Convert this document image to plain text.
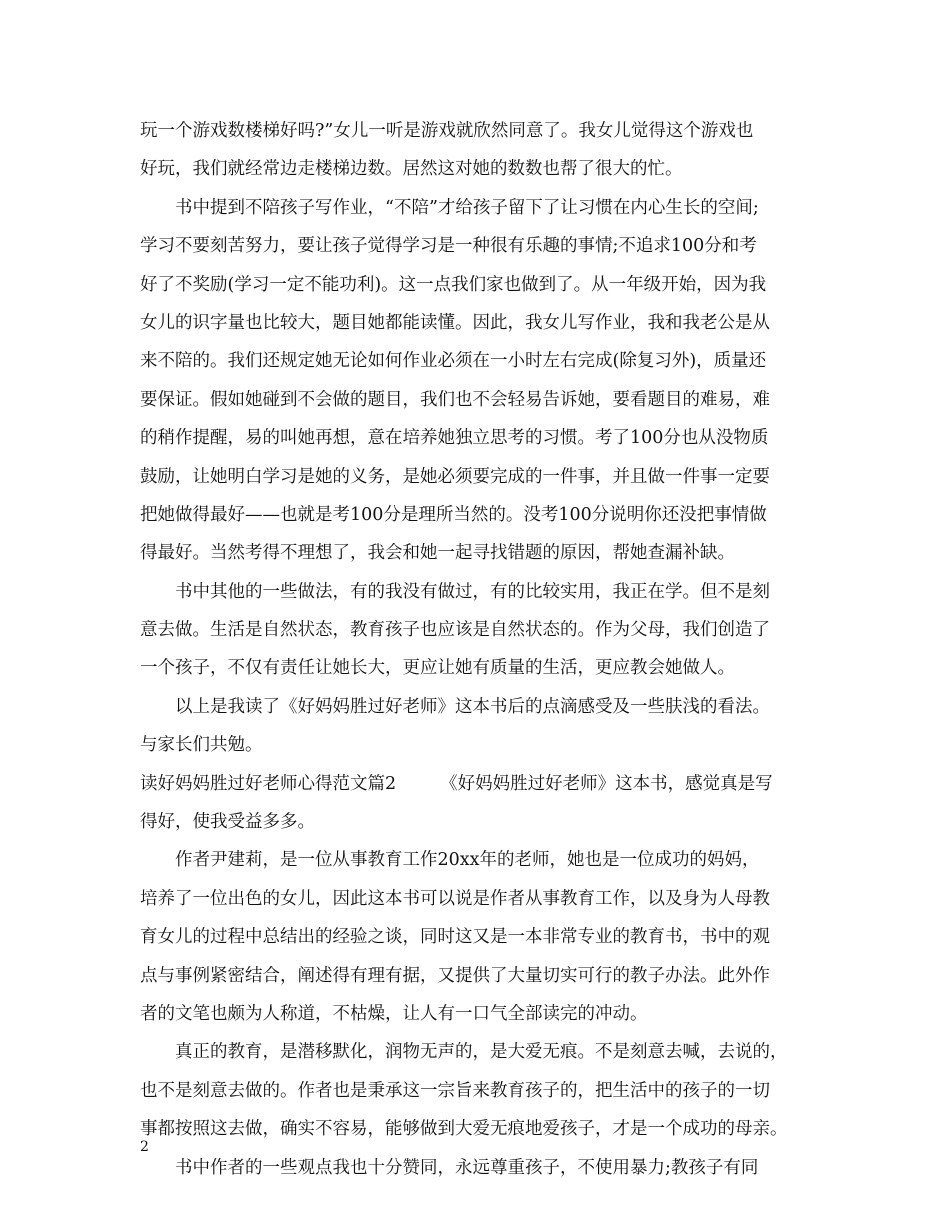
玩一个游戏数楼梯好吗?”女儿一听是游戏就欣然同意了。我女儿觉得这个游戏也
好玩，我们就经常边走楼梯边数。居然这对她的数数也帮了很大的忙。
书中提到不陪孩子写作业，“不陪”才给孩子留下了让习惯在内心生长的空间;
学习不要刻苦努力，要让孩子觉得学习是一种很有乐趣的事情;不追求100分和考
好了不奖励(学习一定不能功利)。这一点我们家也做到了。从一年级开始，因为我
女儿的识字量也比较大，题目她都能读懂。因此，我女儿写作业，我和我老公是从
来不陪的。我们还规定她无论如何作业必须在一小时左右完成(除复习外)，质量还
要保证。假如她碰到不会做的题目，我们也不会轻易告诉她，要看题目的难易，难
的稍作提醒，易的叫她再想，意在培养她独立思考的习惯。考了100分也从没物质
鼓励，让她明白学习是她的义务，是她必须要完成的一件事，并且做一件事一定要
把她做得最好——也就是考100分是理所当然的。没考100分说明你还没把事情做
得最好。当然考得不理想了，我会和她一起寻找错题的原因，帮她查漏补缺。
书中其他的一些做法，有的我没有做过，有的比较实用，我正在学。但不是刻
意去做。生活是自然状态，教育孩子也应该是自然状态的。作为父母，我们创造了
一个孩子，不仅有责任让她长大，更应让她有质量的生活，更应教会她做人。
以上是我读了《好妈妈胜过好老师》这本书后的点滴感受及一些肤浅的看法。
与家长们共勉。
读好妈妈胜过好老师心得范文篇2	《好妈妈胜过好老师》这本书，感觉真是写
得好，使我受益多多。
作者尹建莉，是一位从事教育工作20xx年的老师，她也是一位成功的妈妈，
培养了一位出色的女儿，因此这本书可以说是作者从事教育工作，以及身为人母教
育女儿的过程中总结出的经验之谈，同时这又是一本非常专业的教育书，书中的观
点与事例紧密结合，阐述得有理有据，又提供了大量切实可行的教子办法。此外作
者的文笔也颇为人称道，不枯燥，让人有一口气全部读完的冲动。
真正的教育，是潜移默化，润物无声的，是大爱无痕。不是刻意去喊，去说的，
也不是刻意去做的。作者也是秉承这一宗旨来教育孩子的，把生活中的孩子的一切
事都按照这去做，确实不容易，能够做到大爱无痕地爱孩子，才是一个成功的母亲。
书中作者的一些观点我也十分赞同，永远尊重孩子，不使用暴力;教孩子有同
2
